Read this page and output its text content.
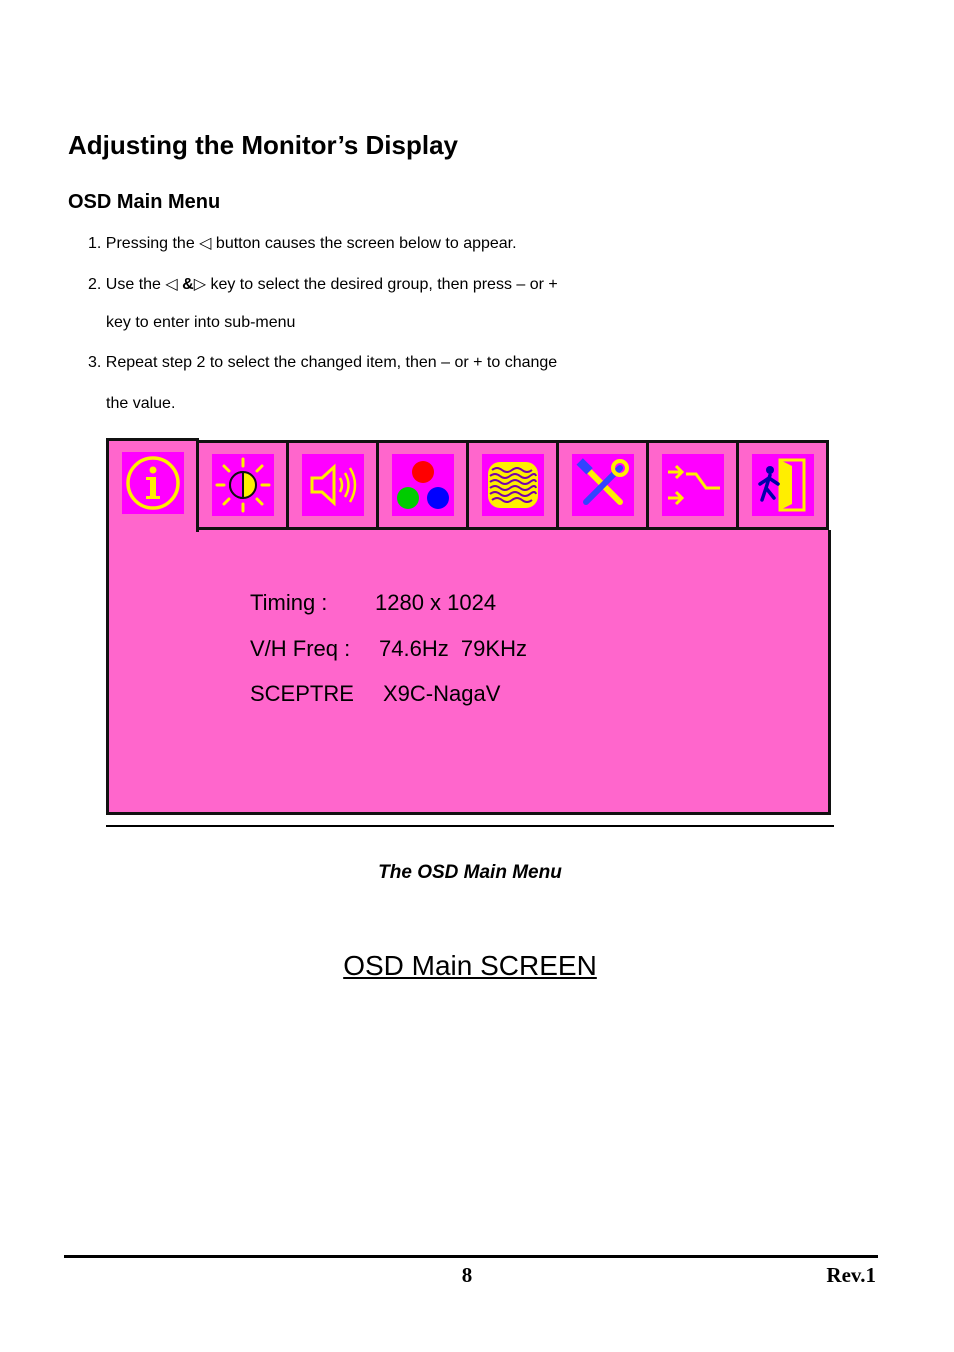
Adjusting the Monitor’s Display
OSD Main Menu
1. Pressing the ◁ button causes the screen below to appear.
2. Use the ◁ &▷ key to select the desired group, then press – or +
key to enter into sub-menu
3. Repeat step 2 to select the changed item, then – or + to change
the value.
Timing : 1280 x 1024
V/H Freq : 74.6Hz  79KHz
SCEPTRE X9C-NagaV
The OSD Main Menu
OSD Main SCREEN
8	Rev.1
